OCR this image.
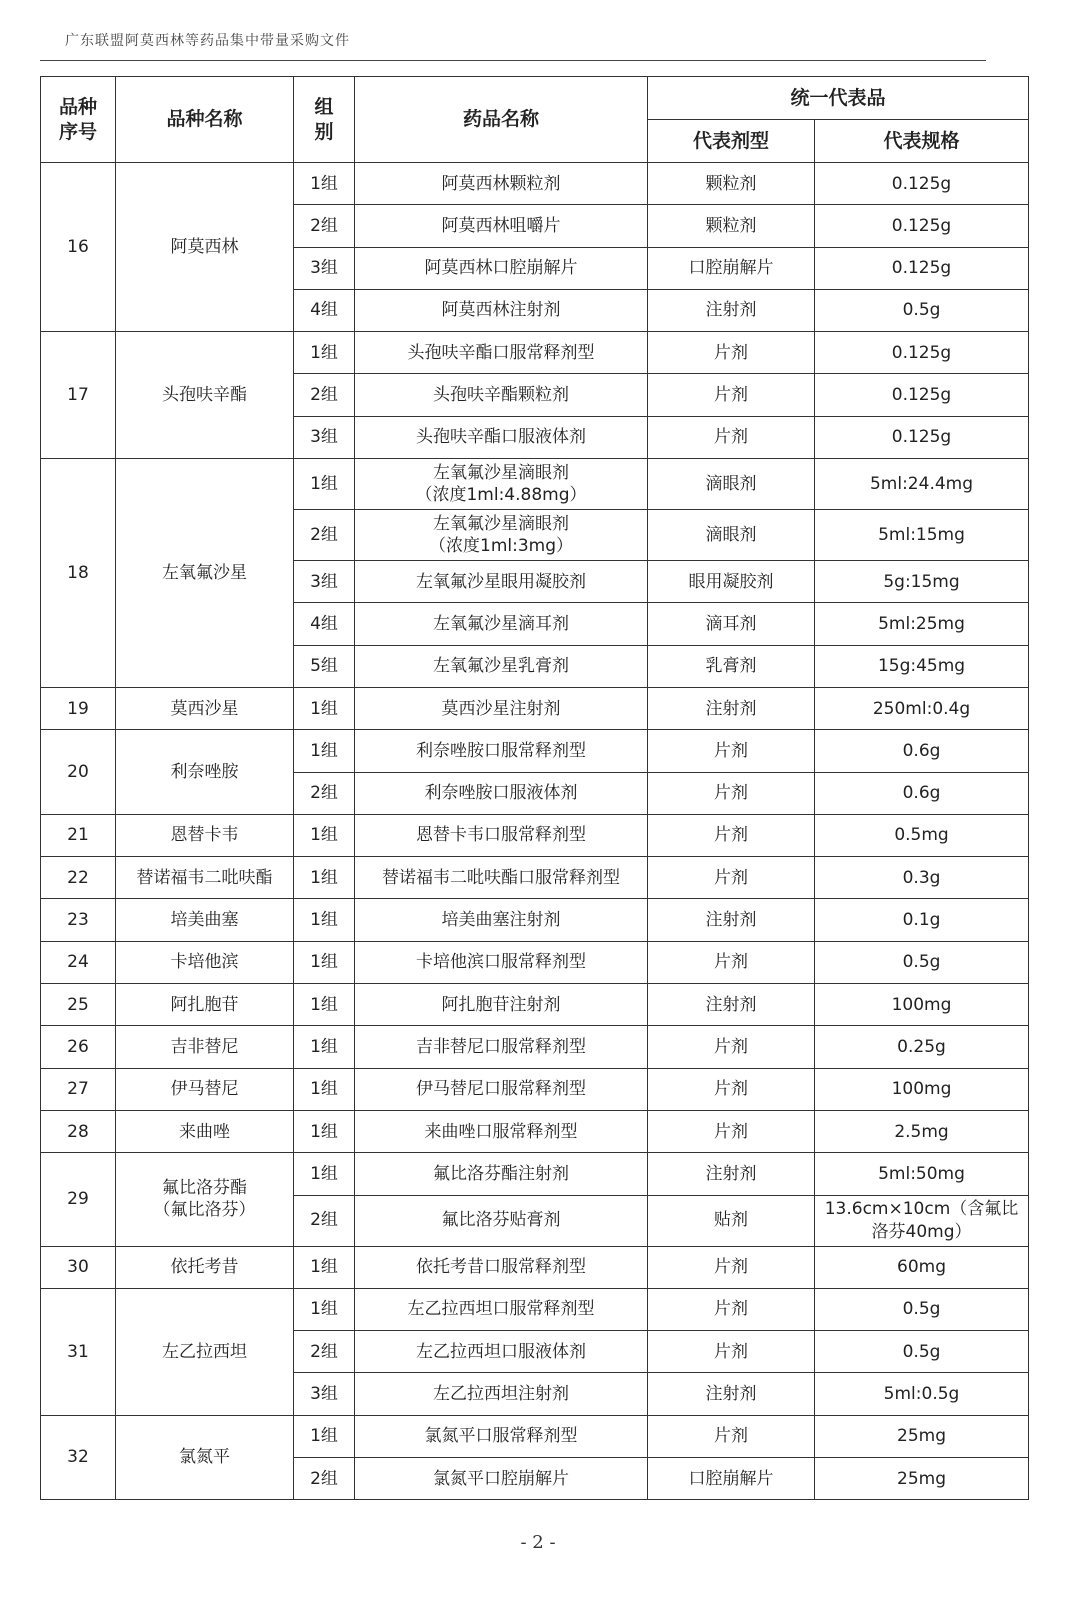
广东联盟阿莫西林等药品集中带量采购文件
品种序号	品种名称	组别	药品名称	统一代表品	
				代表剂型	代表规格
16	阿莫西林	1组	阿莫西林颗粒剂	颗粒剂	0.125g
		2组	阿莫西林咀嚼片	颗粒剂	0.125g
		3组	阿莫西林口腔崩解片	口腔崩解片	0.125g
		4组	阿莫西林注射剂	注射剂	0.5g
17	头孢呋辛酯	1组	头孢呋辛酯口服常释剂型	片剂	0.125g
		2组	头孢呋辛酯颗粒剂	片剂	0.125g
		3组	头孢呋辛酯口服液体剂	片剂	0.125g
18	左氧氟沙星	1组	左氧氟沙星滴眼剂
（浓度1ml:4.88mg）	滴眼剂	5ml:24.4mg
		2组	左氧氟沙星滴眼剂
（浓度1ml:3mg）	滴眼剂	5ml:15mg
		3组	左氧氟沙星眼用凝胶剂	眼用凝胶剂	5g:15mg
		4组	左氧氟沙星滴耳剂	滴耳剂	5ml:25mg
		5组	左氧氟沙星乳膏剂	乳膏剂	15g:45mg
19	莫西沙星	1组	莫西沙星注射剂	注射剂	250ml:0.4g
20	利奈唑胺	1组	利奈唑胺口服常释剂型	片剂	0.6g
		2组	利奈唑胺口服液体剂	片剂	0.6g
21	恩替卡韦	1组	恩替卡韦口服常释剂型	片剂	0.5mg
22	替诺福韦二吡呋酯	1组	替诺福韦二吡呋酯口服常释剂型	片剂	0.3g
23	培美曲塞	1组	培美曲塞注射剂	注射剂	0.1g
24	卡培他滨	1组	卡培他滨口服常释剂型	片剂	0.5g
25	阿扎胞苷	1组	阿扎胞苷注射剂	注射剂	100mg
26	吉非替尼	1组	吉非替尼口服常释剂型	片剂	0.25g
27	伊马替尼	1组	伊马替尼口服常释剂型	片剂	100mg
28	来曲唑	1组	来曲唑口服常释剂型	片剂	2.5mg
29	氟比洛芬酯
（氟比洛芬）	1组	氟比洛芬酯注射剂	注射剂	5ml:50mg
		2组	氟比洛芬贴膏剂	贴剂	13.6cm×10cm（含氟比洛芬40mg）
30	依托考昔	1组	依托考昔口服常释剂型	片剂	60mg
31	左乙拉西坦	1组	左乙拉西坦口服常释剂型	片剂	0.5g
		2组	左乙拉西坦口服液体剂	片剂	0.5g
		3组	左乙拉西坦注射剂	注射剂	5ml:0.5g
32	氯氮平	1组	氯氮平口服常释剂型	片剂	25mg
		2组	氯氮平口腔崩解片	口腔崩解片	25mg
- 2 -
